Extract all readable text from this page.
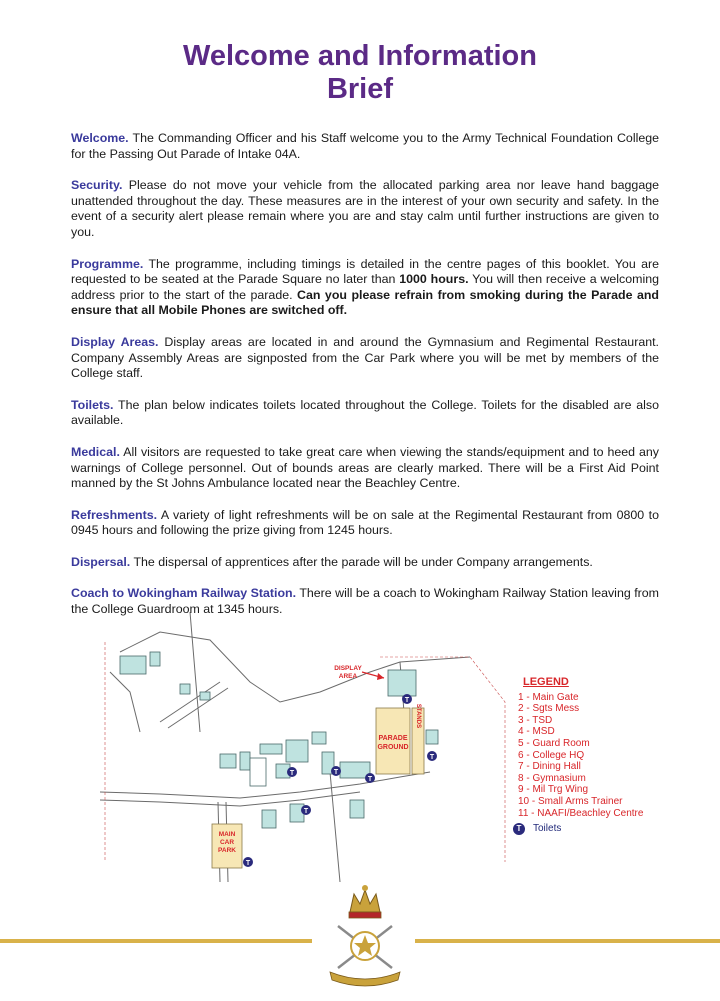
Welcome and Information
Brief

Welcome. The Commanding Officer and his Staff welcome you to the Army Technical Foundation College for the Passing Out Parade of Intake 04A.

Security. Please do not move your vehicle from the allocated parking area nor leave hand baggage unattended throughout the day. These measures are in the interest of your own security and safety. In the event of a security alert please remain where you are and stay calm until further instructions are given to you.

Programme. The programme, including timings is detailed in the centre pages of this booklet. You are requested to be seated at the Parade Square no later than 1000 hours. You will then receive a welcoming address prior to the start of the parade. Can you please refrain from smoking during the Parade and ensure that all Mobile Phones are switched off.

Display Areas. Display areas are located in and around the Gymnasium and Regimental Restaurant. Company Assembly Areas are signposted from the Car Park where you will be met by members of the College staff.

Toilets. The plan below indicates toilets located throughout the College. Toilets for the disabled are also available.

Medical. All visitors are requested to take great care when viewing the stands/equipment and to heed any warnings of College personnel. Out of bounds areas are clearly marked. There will be a First Aid Point manned by the St Johns Ambulance located near the Beachley Centre.

Refreshments. A variety of light refreshments will be on sale at the Regimental Restaurant from 0800 to 0945 hours and following the prize giving from 1245 hours.

Dispersal. The dispersal of apprentices after the parade will be under Company arrangements.

Coach to Wokingham Railway Station. There will be a coach to Wokingham Railway Station leaving from the College Guardroom at 1345 hours.

PARADE
GROUND
STANDS
MAIN
CAR
PARK
DISPLAY
AREA
T
T
T
T
T
T
T
LEGEND
1 - Main Gate
2 - Sgts Mess
3 - TSD
4 - MSD
5 - Guard Room
6 - College HQ
7 - Dining Hall
8 - Gymnasium
9 - Mil Trg Wing
10 - Small Arms Trainer
11 - NAAFI/Beachley Centre
T	Toilets
